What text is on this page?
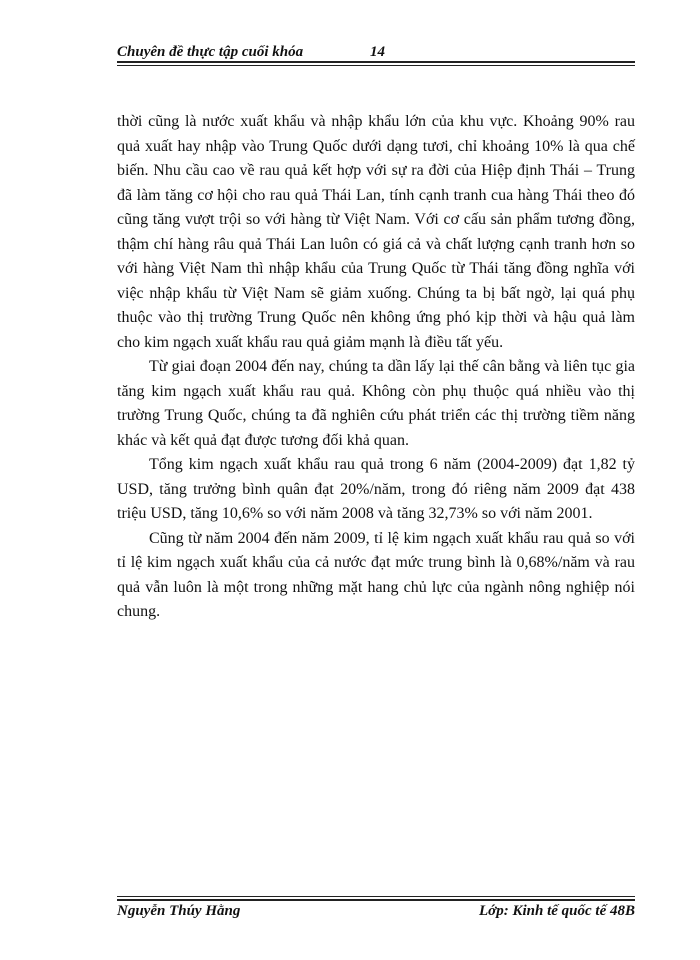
Chuyên đề thực tập cuối khóa	14

thời cũng là nước xuất khẩu và nhập khẩu lớn của khu vực. Khoảng 90% rau quả xuất hay nhập vào Trung Quốc dưới dạng tươi, chỉ khoảng 10% là qua chế biến. Nhu cầu cao về rau quả kết hợp với sự ra đời của Hiệp định Thái – Trung đã làm tăng cơ hội cho rau quả Thái Lan, tính cạnh tranh cua hàng Thái theo đó cũng tăng vượt trội so với hàng từ Việt Nam. Với cơ cấu sản phẩm tương đồng, thậm chí hàng râu quả Thái Lan luôn có giá cả và chất lượng cạnh tranh hơn so với hàng Việt Nam thì nhập khẩu của Trung Quốc từ Thái tăng đồng nghĩa với việc nhập khẩu từ Việt Nam sẽ giảm xuống. Chúng ta bị bất ngờ, lại quá phụ thuộc vào thị trường Trung Quốc nên không ứng phó kịp thời và hậu quả làm cho kim ngạch xuất khẩu rau quả giảm mạnh là điều tất yếu.

Từ giai đoạn 2004 đến nay, chúng ta dần lấy lại thế cân bằng và liên tục gia tăng kim ngạch xuất khẩu rau quả. Không còn phụ thuộc quá nhiều vào thị trường Trung Quốc, chúng ta đã nghiên cứu phát triển các thị trường tiềm năng khác và kết quả đạt được tương đối khả quan.

Tổng kim ngạch xuất khẩu rau quả trong 6 năm (2004-2009) đạt 1,82 tỷ USD, tăng trưởng bình quân đạt 20%/năm, trong đó riêng năm 2009 đạt 438 triệu USD, tăng 10,6% so với năm 2008 và tăng 32,73% so với năm 2001.

Cũng từ năm 2004 đến năm 2009, tỉ lệ kim ngạch xuất khẩu rau quả so với tỉ lệ kim ngạch xuất khẩu của cả nước đạt mức trung bình là 0,68%/năm và rau quả vẫn luôn là một trong những mặt hang chủ lực của ngành nông nghiệp nói chung.

Nguyễn Thúy Hằng	Lớp: Kinh tế quốc tế 48B
